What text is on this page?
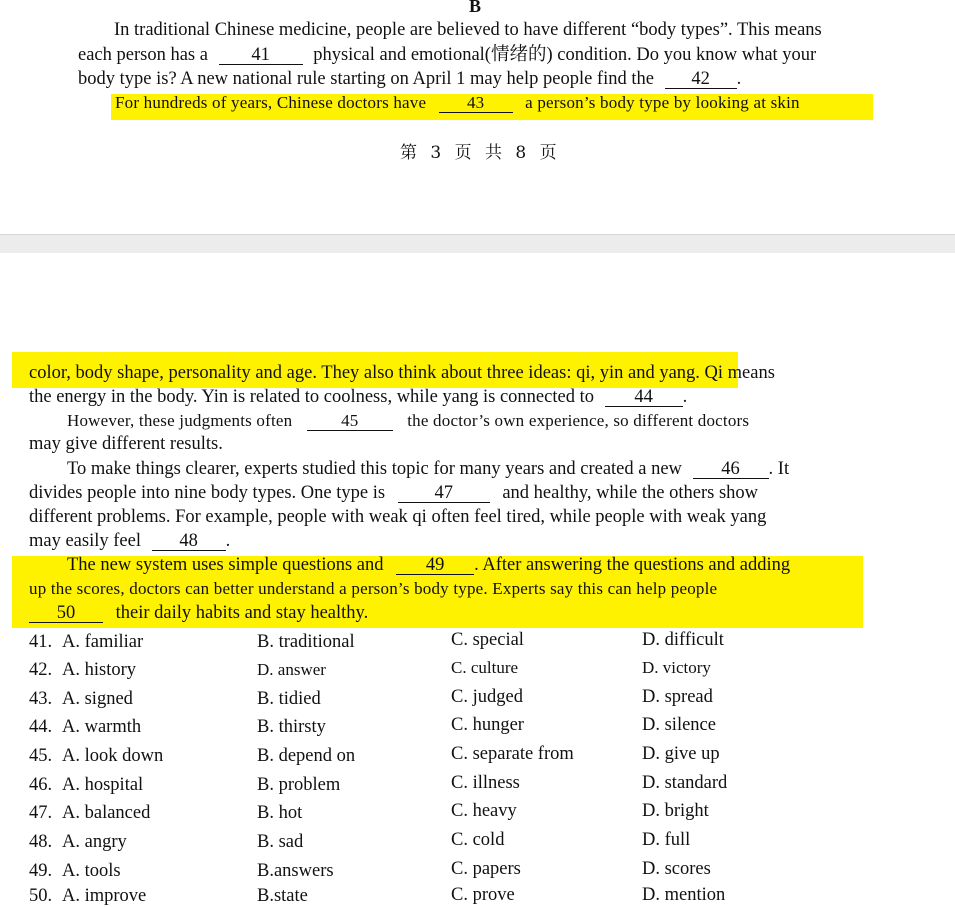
B
In traditional Chinese medicine, people are believed to have different “body types”. This means
each person has a 41 physical and emotional(情绪的) condition. Do you know what your
body type is? A new national rule starting on April 1 may help people find the 42 .
For hundreds of years, Chinese doctors have 43 a person’s body type by looking at skin
第 3 页 共 8 页
color, body shape, personality and age. They also think about three ideas: qi, yin and yang. Qi means
the energy in the body. Yin is related to coolness, while yang is connected to 44 .
However, these judgments often	45	the doctor’s own experience, so different doctors
may give different results.
To make things clearer, experts studied this topic for many years and created a new 46 . It
divides people into nine body types. One type is	47	and healthy, while the others show
different problems. For example, people with weak qi often feel tired, while people with weak yang
may easily feel 48 .
The new system uses simple questions and 49 . After answering the questions and adding
up the scores, doctors can better understand a person’s body type. Experts say this can help people
50 their daily habits and stay healthy.
41. A. familiar	B. traditional	C. special	D. difficult
42. A. history	D. answer	C. culture	D. victory
43. A. signed	B. tidied	C. judged	D. spread
44. A. warmth	B. thirsty	C. hunger	D. silence
45. A. look down	B. depend on	C. separate from	D. give up
46. A. hospital	B. problem	C. illness	D. standard
47. A. balanced	B. hot	C. heavy	D. bright
48. A. angry	B. sad	C. cold	D. full
49. A. tools	B.answers	C. papers	D. scores
50. A. improve	B.state	C. prove	D. mention
